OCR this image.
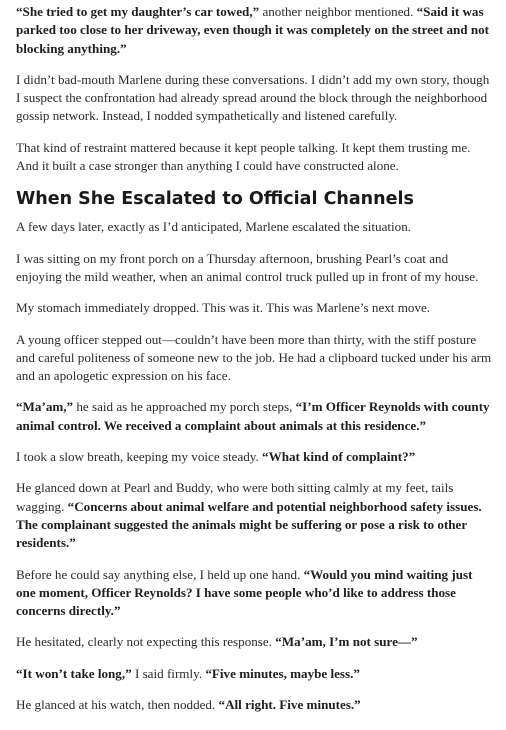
“She tried to get my daughter’s car towed,” another neighbor mentioned. “Said it was parked too close to her driveway, even though it was completely on the street and not blocking anything.”

I didn’t bad-mouth Marlene during these conversations. I didn’t add my own story, though I suspect the confrontation had already spread around the block through the neighborhood gossip network. Instead, I nodded sympathetically and listened carefully.

That kind of restraint mattered because it kept people talking. It kept them trusting me. And it built a case stronger than anything I could have constructed alone.

When She Escalated to Official Channels

A few days later, exactly as I’d anticipated, Marlene escalated the situation.

I was sitting on my front porch on a Thursday afternoon, brushing Pearl’s coat and enjoying the mild weather, when an animal control truck pulled up in front of my house.

My stomach immediately dropped. This was it. This was Marlene’s next move.

A young officer stepped out—couldn’t have been more than thirty, with the stiff posture and careful politeness of someone new to the job. He had a clipboard tucked under his arm and an apologetic expression on his face.

“Ma’am,” he said as he approached my porch steps, “I’m Officer Reynolds with county animal control. We received a complaint about animals at this residence.”

I took a slow breath, keeping my voice steady. “What kind of complaint?”

He glanced down at Pearl and Buddy, who were both sitting calmly at my feet, tails wagging. “Concerns about animal welfare and potential neighborhood safety issues. The complainant suggested the animals might be suffering or pose a risk to other residents.”

Before he could say anything else, I held up one hand. “Would you mind waiting just one moment, Officer Reynolds? I have some people who’d like to address those concerns directly.”

He hesitated, clearly not expecting this response. “Ma’am, I’m not sure—”

“It won’t take long,” I said firmly. “Five minutes, maybe less.”

He glanced at his watch, then nodded. “All right. Five minutes.”
